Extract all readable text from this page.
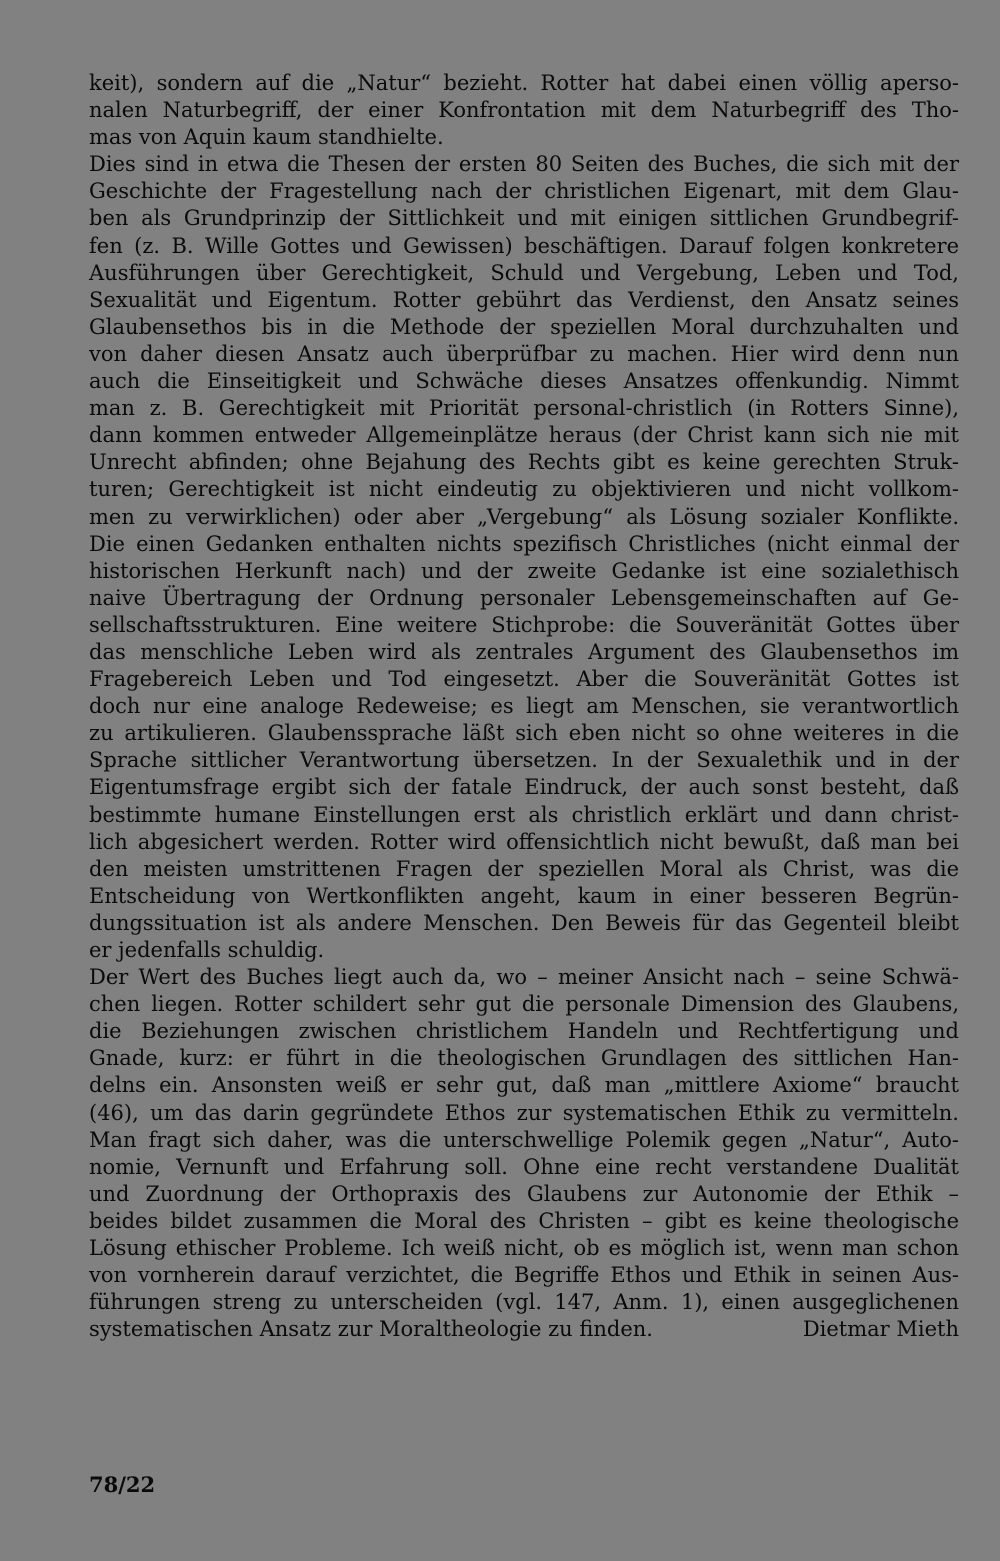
keit), sondern auf die „Natur“ bezieht. Rotter hat dabei einen völlig aperso-
nalen Naturbegriff, der einer Konfrontation mit dem Naturbegriff des Tho-
mas von Aquin kaum standhielte.
Dies sind in etwa die Thesen der ersten 80 Seiten des Buches, die sich mit der
Geschichte der Fragestellung nach der christlichen Eigenart, mit dem Glau-
ben als Grundprinzip der Sittlichkeit und mit einigen sittlichen Grundbegrif-
fen (z. B. Wille Gottes und Gewissen) beschäftigen. Darauf folgen konkretere
Ausführungen über Gerechtigkeit, Schuld und Vergebung, Leben und Tod,
Sexualität und Eigentum. Rotter gebührt das Verdienst, den Ansatz seines
Glaubensethos bis in die Methode der speziellen Moral durchzuhalten und
von daher diesen Ansatz auch überprüfbar zu machen. Hier wird denn nun
auch die Einseitigkeit und Schwäche dieses Ansatzes offenkundig. Nimmt
man z. B. Gerechtigkeit mit Priorität personal-christlich (in Rotters Sinne),
dann kommen entweder Allgemeinplätze heraus (der Christ kann sich nie mit
Unrecht abfinden; ohne Bejahung des Rechts gibt es keine gerechten Struk-
turen; Gerechtigkeit ist nicht eindeutig zu objektivieren und nicht vollkom-
men zu verwirklichen) oder aber „Vergebung“ als Lösung sozialer Konflikte.
Die einen Gedanken enthalten nichts spezifisch Christliches (nicht einmal der
historischen Herkunft nach) und der zweite Gedanke ist eine sozialethisch
naive Übertragung der Ordnung personaler Lebensgemeinschaften auf Ge-
sellschaftsstrukturen. Eine weitere Stichprobe: die Souveränität Gottes über
das menschliche Leben wird als zentrales Argument des Glaubensethos im
Fragebereich Leben und Tod eingesetzt. Aber die Souveränität Gottes ist
doch nur eine analoge Redeweise; es liegt am Menschen, sie verantwortlich
zu artikulieren. Glaubenssprache läßt sich eben nicht so ohne weiteres in die
Sprache sittlicher Verantwortung übersetzen. In der Sexualethik und in der
Eigentumsfrage ergibt sich der fatale Eindruck, der auch sonst besteht, daß
bestimmte humane Einstellungen erst als christlich erklärt und dann christ-
lich abgesichert werden. Rotter wird offensichtlich nicht bewußt, daß man bei
den meisten umstrittenen Fragen der speziellen Moral als Christ, was die
Entscheidung von Wertkonflikten angeht, kaum in einer besseren Begrün-
dungssituation ist als andere Menschen. Den Beweis für das Gegenteil bleibt
er jedenfalls schuldig.
Der Wert des Buches liegt auch da, wo – meiner Ansicht nach – seine Schwä-
chen liegen. Rotter schildert sehr gut die personale Dimension des Glaubens,
die Beziehungen zwischen christlichem Handeln und Rechtfertigung und
Gnade, kurz: er führt in die theologischen Grundlagen des sittlichen Han-
delns ein. Ansonsten weiß er sehr gut, daß man „mittlere Axiome“ braucht
(46), um das darin gegründete Ethos zur systematischen Ethik zu vermitteln.
Man fragt sich daher, was die unterschwellige Polemik gegen „Natur“, Auto-
nomie, Vernunft und Erfahrung soll. Ohne eine recht verstandene Dualität
und Zuordnung der Orthopraxis des Glaubens zur Autonomie der Ethik –
beides bildet zusammen die Moral des Christen – gibt es keine theologische
Lösung ethischer Probleme. Ich weiß nicht, ob es möglich ist, wenn man schon
von vornherein darauf verzichtet, die Begriffe Ethos und Ethik in seinen Aus-
führungen streng zu unterscheiden (vgl. 147, Anm. 1), einen ausgeglichenen
systematischen Ansatz zur Moraltheologie zu finden.	Dietmar Mieth
78/22
